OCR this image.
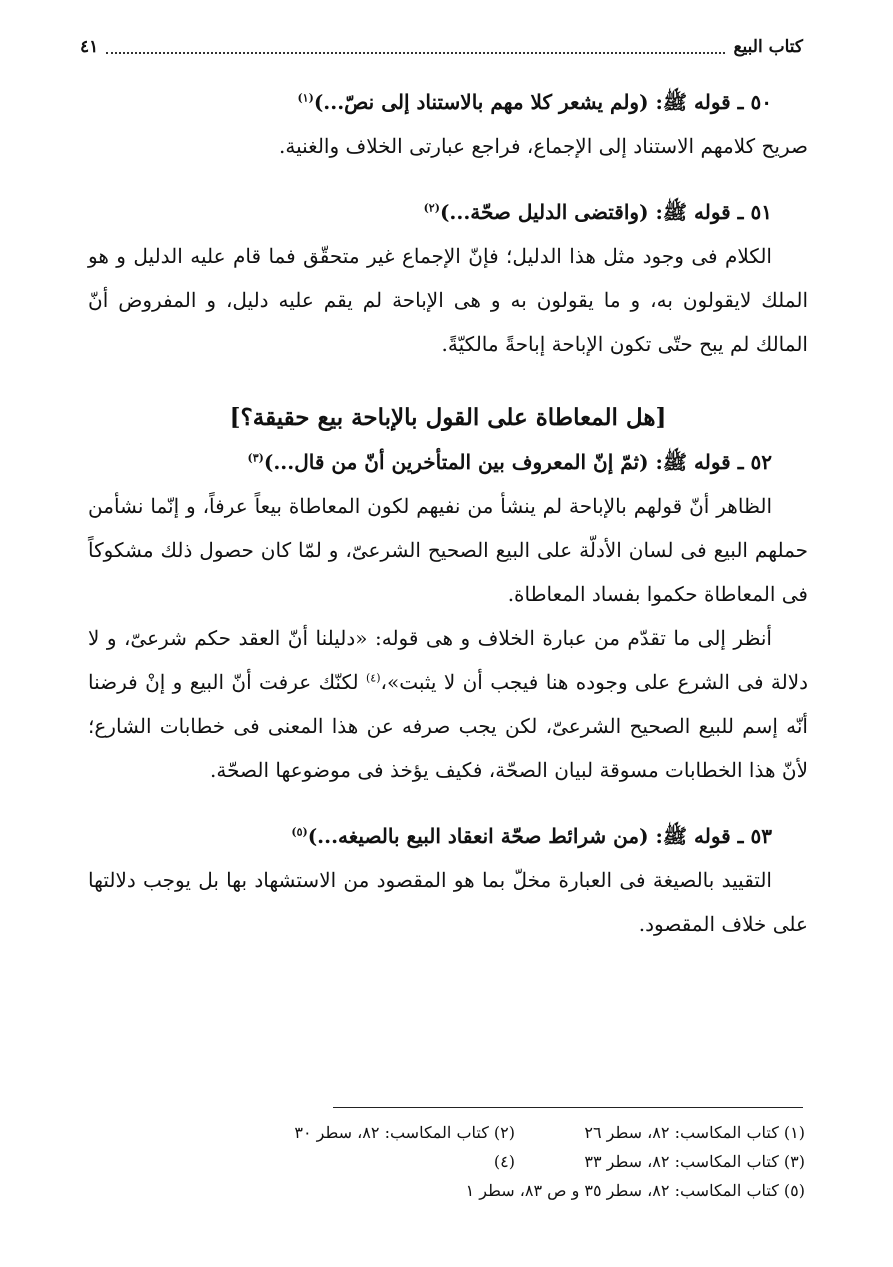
كتاب البيع
٤١

٥٠ ـ قوله ﷺ: (ولم يشعر كلا مهم بالاستناد إلى نصّ...)$^{(١)}$

صريح كلامهم الاستناد إلى الإجماع، فراجع عبارتى الخلاف والغنية.

٥١ ـ قوله ﷺ: (واقتضى الدليل صحّة...)$^{(٢)}$

الكلام فى وجود مثل هذا الدليل؛ فإنّ الإجماع غير متحقّق فما قام عليه الدليل و هو الملك لايقولون به، و ما يقولون به و هى الإباحة لم يقم عليه دليل، و المفروض أنّ المالك لم يبح حتّى تكون الإباحة إباحةً مالكيّةً.

[هل المعاطاة على القول بالإباحة بيع حقيقة؟]

٥٢ ـ قوله ﷺ: (ثمّ إنّ المعروف بين المتأخرين أنّ من قال...)$^{(٣)}$

الظاهر أنّ قولهم بالإباحة لم ينشأ من نفيهم لكون المعاطاة بيعاً عرفاً، و إنّما نشأمن حملهم البيع فى لسان الأدلّة على البيع الصحيح الشرعىّ، و لمّا كان حصول ذلك مشكوكاً فى المعاطاة حكموا بفساد المعاطاة.

أنظر إلى ما تقدّم من عبارة الخلاف و هى قوله: «دليلنا أنّ العقد حكم شرعىّ، و لا دلالة فى الشرع على وجوده هنا فيجب أن لا يثبت»،$^{(٤)}$ لكنّك عرفت أنّ البيع و إنْ فرضنا أنّه إسم للبيع الصحيح الشرعىّ، لكن يجب صرفه عن هذا المعنى فى خطابات الشارع؛ لأنّ هذا الخطابات مسوقة لبيان الصحّة، فكيف يؤخذ فى موضوعها الصحّة.

٥٣ ـ قوله ﷺ: (من شرائط صحّة انعقاد البيع بالصيغه...)$^{(٥)}$

التقييد بالصيغة فى العبارة مخلّ بما هو المقصود من الاستشهاد بها بل يوجب دلالتها على خلاف المقصود.

(١) كتاب المكاسب: ٨٢، سطر ٢٦
(٢) كتاب المكاسب: ٨٢، سطر ٣٠
(٣) كتاب المكاسب: ٨٢، سطر ٣٣
(٤)
(٥) كتاب المكاسب: ٨٢، سطر ٣٥ و ص ٨٣، سطر ١
